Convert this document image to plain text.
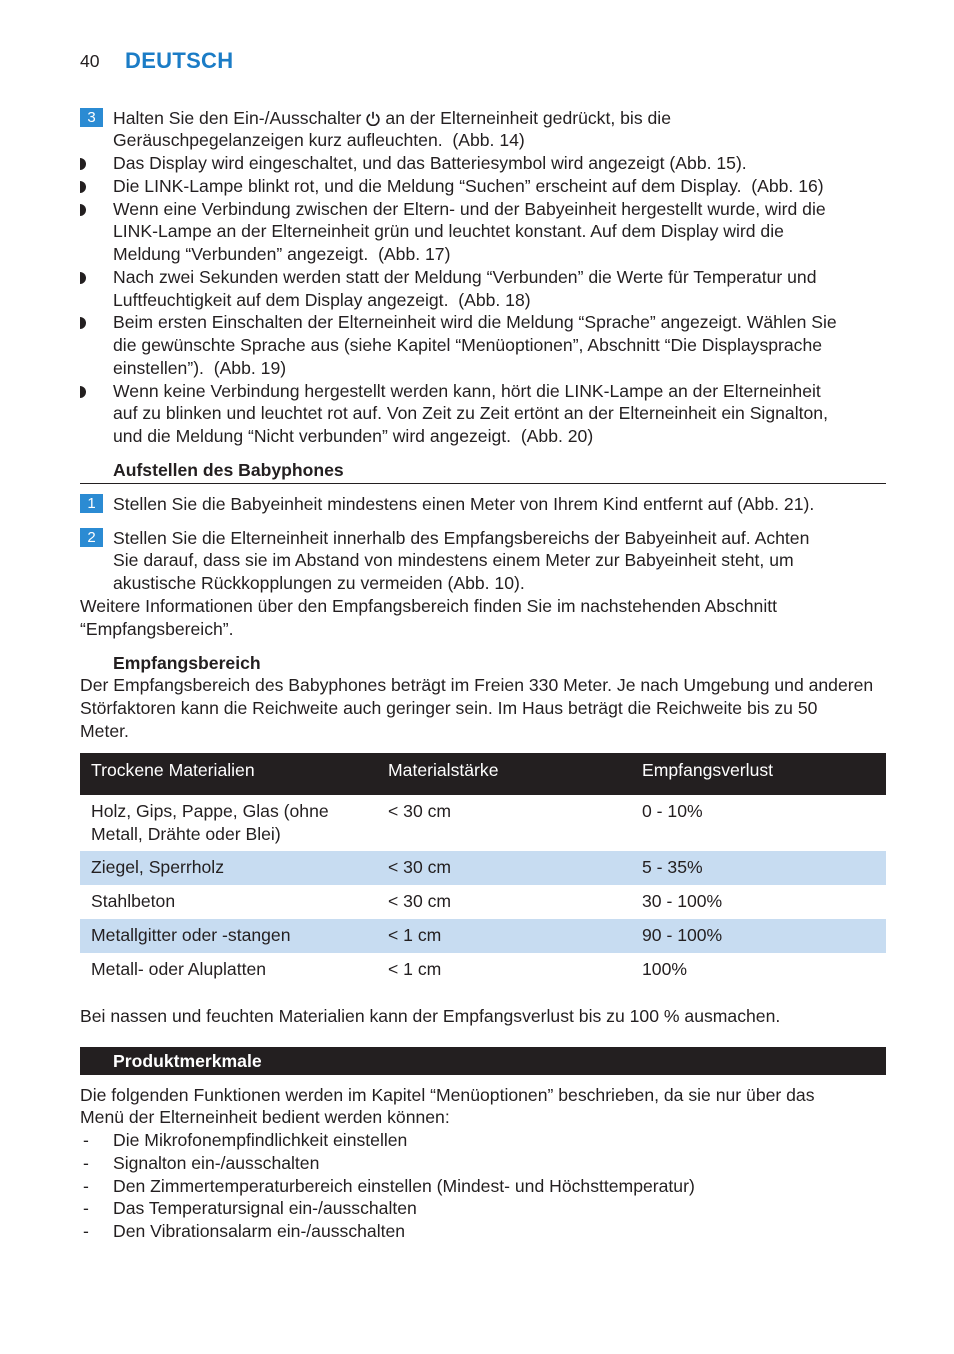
40 DEUTSCH
3 Halten Sie den Ein-/Ausschalter an der Elterneinheit gedrückt, bis die
Geräuschpegelanzeigen kurz aufleuchten.  (Abb. 14)
Das Display wird eingeschaltet, und das Batteriesymbol wird angezeigt (Abb. 15).
Die LINK-Lampe blinkt rot, und die Meldung “Suchen” erscheint auf dem Display.  (Abb. 16)
Wenn eine Verbindung zwischen der Eltern- und der Babyeinheit hergestellt wurde, wird die
LINK-Lampe an der Elterneinheit grün und leuchtet konstant. Auf dem Display wird die
Meldung “Verbunden” angezeigt.  (Abb. 17)
Nach zwei Sekunden werden statt der Meldung “Verbunden” die Werte für Temperatur und
Luftfeuchtigkeit auf dem Display angezeigt.  (Abb. 18)
Beim ersten Einschalten der Elterneinheit wird die Meldung “Sprache” angezeigt. Wählen Sie
die gewünschte Sprache aus (siehe Kapitel “Menüoptionen”, Abschnitt “Die Displaysprache
einstellen”).  (Abb. 19)
Wenn keine Verbindung hergestellt werden kann, hört die LINK-Lampe an der Elterneinheit
auf zu blinken und leuchtet rot auf. Von Zeit zu Zeit ertönt an der Elterneinheit ein Signalton,
und die Meldung “Nicht verbunden” wird angezeigt.  (Abb. 20)
Aufstellen des Babyphones
1 Stellen Sie die Babyeinheit mindestens einen Meter von Ihrem Kind entfernt auf (Abb. 21).
2 Stellen Sie die Elterneinheit innerhalb des Empfangsbereichs der Babyeinheit auf. Achten
Sie darauf, dass sie im Abstand von mindestens einem Meter zur Babyeinheit steht, um
akustische Rückkopplungen zu vermeiden (Abb. 10).
Weitere Informationen über den Empfangsbereich finden Sie im nachstehenden Abschnitt
“Empfangsbereich”.
Empfangsbereich
Der Empfangsbereich des Babyphones beträgt im Freien 330 Meter. Je nach Umgebung und anderen
Störfaktoren kann die Reichweite auch geringer sein. Im Haus beträgt die Reichweite bis zu 50
Meter.
Trockene Materialien	Materialstärke	Empfangsverlust
Holz, Gips, Pappe, Glas (ohne
Metall, Drähte oder Blei)
< 30 cm	0 - 10%
Ziegel, Sperrholz	< 30 cm	5 - 35%
Stahlbeton	< 30 cm	30 - 100%
Metallgitter oder -stangen	< 1 cm	90 - 100%
Metall- oder Aluplatten	< 1 cm	100%
Bei nassen und feuchten Materialien kann der Empfangsverlust bis zu 100 % ausmachen.
Produktmerkmale
Die folgenden Funktionen werden im Kapitel “Menüoptionen” beschrieben, da sie nur über das
Menü der Elterneinheit bedient werden können:
-	Die Mikrofonempfindlichkeit einstellen
-	Signalton ein-/ausschalten
-	Den Zimmertemperaturbereich einstellen (Mindest- und Höchsttemperatur)
-	Das Temperatursignal ein-/ausschalten
-	Den Vibrationsalarm ein-/ausschalten
